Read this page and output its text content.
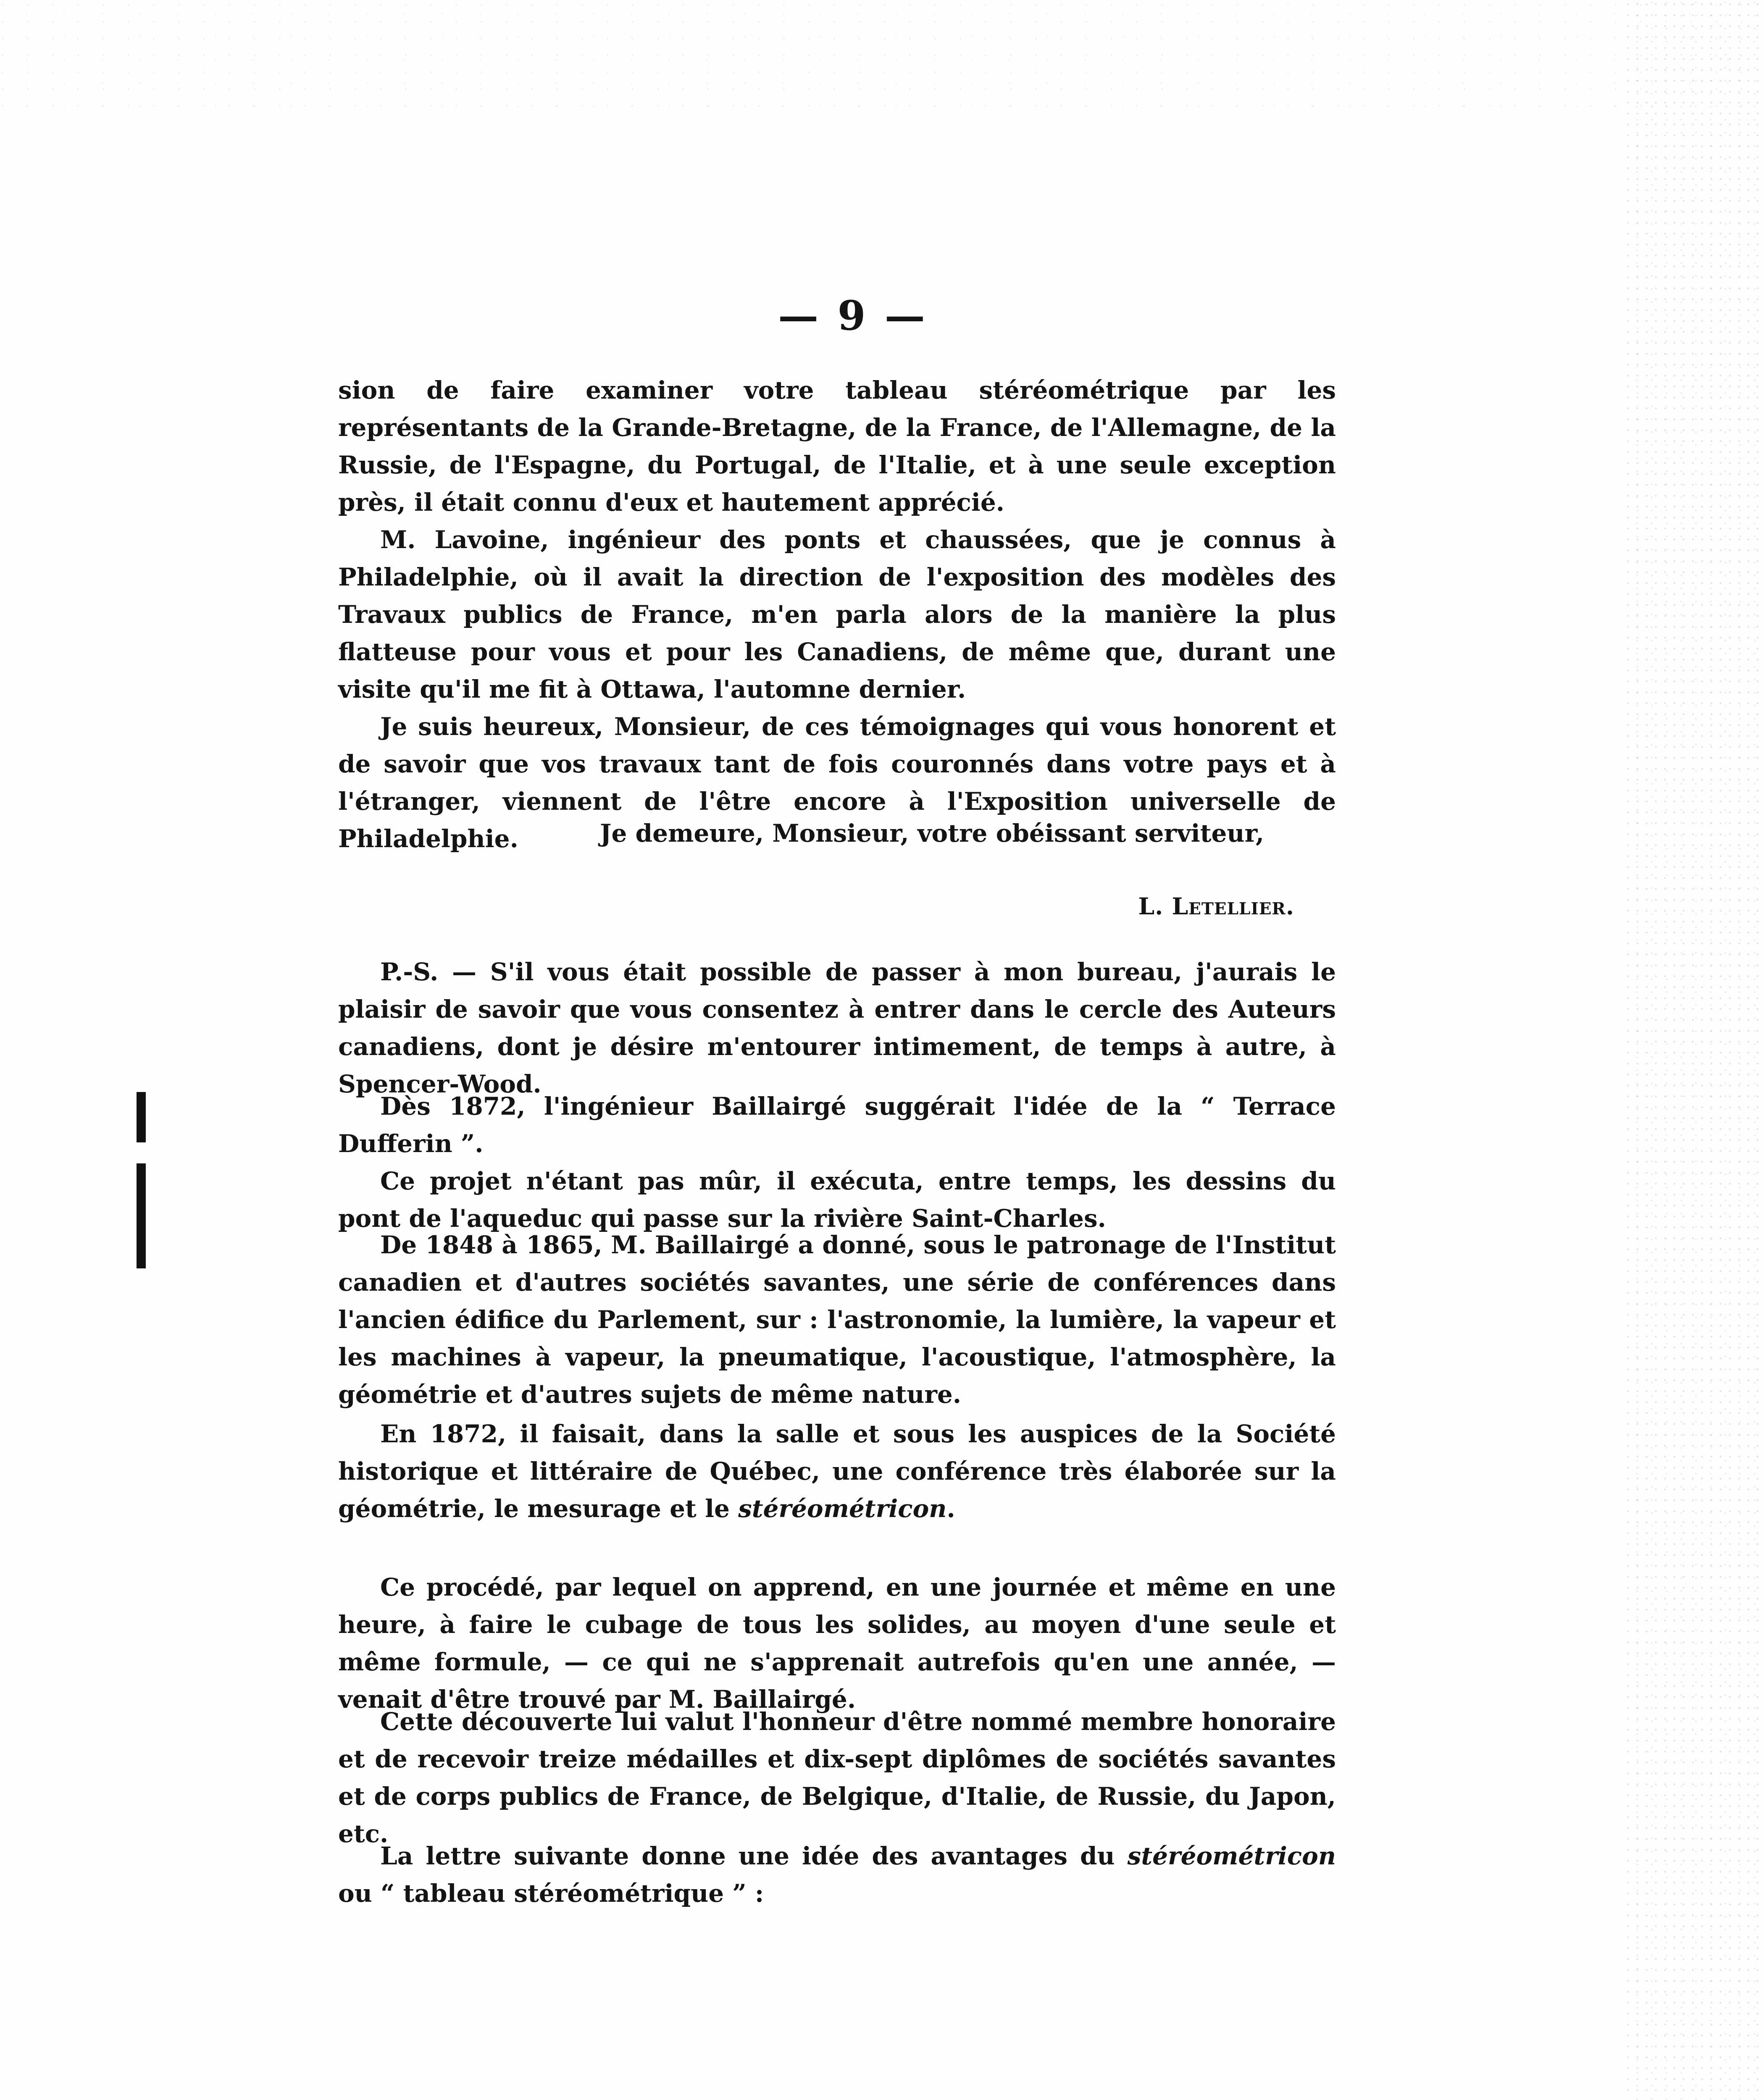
— 9 —

sion de faire examiner votre tableau stéréométrique par les représentants de la Grande-Bretagne, de la France, de l'Allemagne, de la Russie, de l'Espagne, du Portugal, de l'Italie, et à une seule exception près, il était connu d'eux et hautement apprécié.

M. Lavoine, ingénieur des ponts et chaussées, que je connus à Philadelphie, où il avait la direction de l'exposition des modèles des Travaux publics de France, m'en parla alors de la manière la plus flatteuse pour vous et pour les Canadiens, de même que, durant une visite qu'il me fit à Ottawa, l'automne dernier.

Je suis heureux, Monsieur, de ces témoignages qui vous honorent et de savoir que vos travaux tant de fois couronnés dans votre pays et à l'étranger, viennent de l'être encore à l'Exposition universelle de Philadelphie.	Je demeure, Monsieur, votre obéissant serviteur,
L. Letellier.

P.-S. — S'il vous était possible de passer à mon bureau, j'aurais le plaisir de savoir que vous consentez à entrer dans le cercle des Auteurs canadiens, dont je désire m'entourer intimement, de temps à autre, à Spencer-Wood.

Dès 1872, l'ingénieur Baillairgé suggérait l'idée de la “ Terrace Dufferin ”.

Ce projet n'étant pas mûr, il exécuta, entre temps, les dessins du pont de l'aqueduc qui passe sur la rivière Saint-Charles.

De 1848 à 1865, M. Baillairgé a donné, sous le patronage de l'Institut canadien et d'autres sociétés savantes, une série de conférences dans l'ancien édifice du Parlement, sur : l'astronomie, la lumière, la vapeur et les machines à vapeur, la pneumatique, l'acoustique, l'atmosphère, la géométrie et d'autres sujets de même nature.

En 1872, il faisait, dans la salle et sous les auspices de la Société historique et littéraire de Québec, une conférence très élaborée sur la géométrie, le mesurage et le stéréométricon.

Ce procédé, par lequel on apprend, en une journée et même en une heure, à faire le cubage de tous les solides, au moyen d'une seule et même formule, — ce qui ne s'apprenait autrefois qu'en une année, — venait d'être trouvé par M. Baillairgé.

Cette découverte lui valut l'honneur d'être nommé membre honoraire et de recevoir treize médailles et dix-sept diplômes de sociétés savantes et de corps publics de France, de Belgique, d'Italie, de Russie, du Japon, etc.

La lettre suivante donne une idée des avantages du stéréométricon ou “ tableau stéréométrique ” :
